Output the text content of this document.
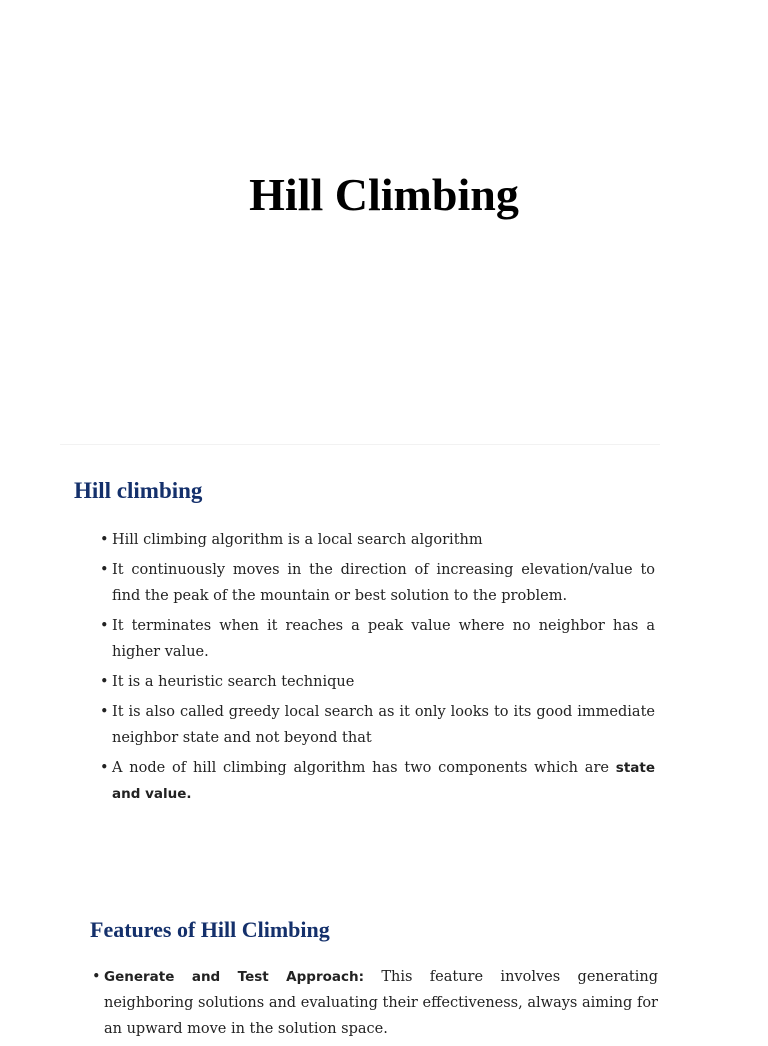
Hill Climbing
Hill climbing
• Hill climbing algorithm is a local search algorithm
• It continuously moves in the direction of increasing elevation/value to find the peak of the mountain or best solution to the problem.
• It terminates when it reaches a peak value where no neighbor has a higher value.
• It is a heuristic search technique
• It is also called greedy local search as it only looks to its good immediate neighbor state and not beyond that
• A node of hill climbing algorithm has two components which are state and value.
Features of Hill Climbing
• Generate and Test Approach: This feature involves generating neighboring solutions and evaluating their effectiveness, always aiming for an upward move in the solution space.
